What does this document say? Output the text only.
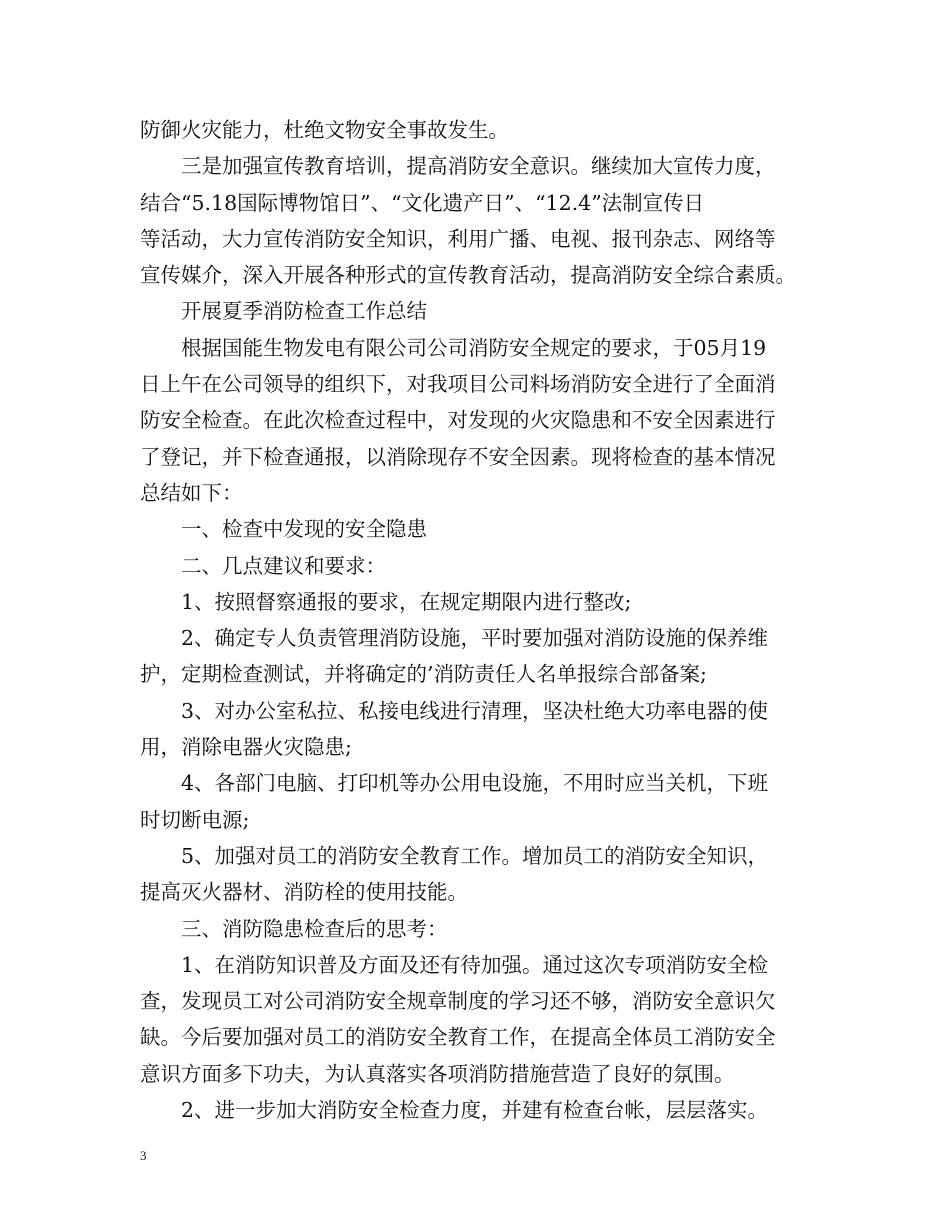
防御火灾能力，杜绝文物安全事故发生。
三是加强宣传教育培训，提高消防安全意识。继续加大宣传力度，
结合“5.18国际博物馆日”、“文化遗产日”、“12.4”法制宣传日
等活动，大力宣传消防安全知识，利用广播、电视、报刊杂志、网络等
宣传媒介，深入开展各种形式的宣传教育活动，提高消防安全综合素质。
开展夏季消防检查工作总结
根据国能生物发电有限公司公司消防安全规定的要求，于05月19
日上午在公司领导的组织下，对我项目公司料场消防安全进行了全面消
防安全检查。在此次检查过程中，对发现的火灾隐患和不安全因素进行
了登记，并下检查通报，以消除现存不安全因素。现将检查的基本情况
总结如下：
一、检查中发现的安全隐患
二、几点建议和要求：
1、按照督察通报的要求，在规定期限内进行整改;
2、确定专人负责管理消防设施，平时要加强对消防设施的保养维
护，定期检查测试，并将确定的’消防责任人名单报综合部备案;
3、对办公室私拉、私接电线进行清理，坚决杜绝大功率电器的使
用，消除电器火灾隐患;
4、各部门电脑、打印机等办公用电设施，不用时应当关机，下班
时切断电源;
5、加强对员工的消防安全教育工作。增加员工的消防安全知识，
提高灭火器材、消防栓的使用技能。
三、消防隐患检查后的思考：
1、在消防知识普及方面及还有待加强。通过这次专项消防安全检
查，发现员工对公司消防安全规章制度的学习还不够，消防安全意识欠
缺。今后要加强对员工的消防安全教育工作，在提高全体员工消防安全
意识方面多下功夫，为认真落实各项消防措施营造了良好的氛围。
2、进一步加大消防安全检查力度，并建有检查台帐，层层落实。
3
